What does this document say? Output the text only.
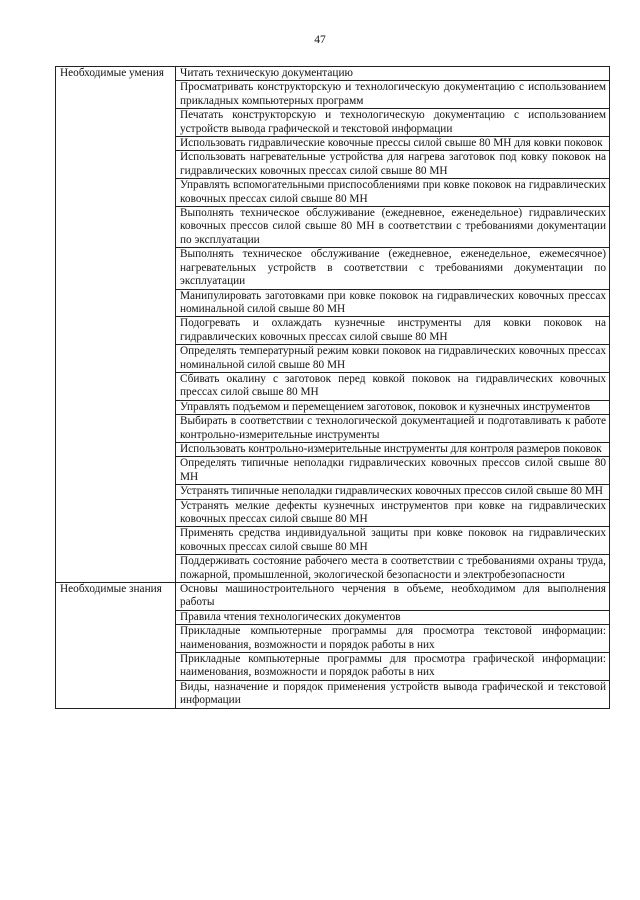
47
Необходимые умения	Читать техническую документацию
	Просматривать конструкторскую и технологическую документацию с использованием прикладных компьютерных программ
	Печатать конструкторскую и технологическую документацию с использованием устройств вывода графической и текстовой информации
	Использовать гидравлические ковочные прессы силой свыше 80 МН для ковки поковок
	Использовать нагревательные устройства для нагрева заготовок под ковку поковок на гидравлических ковочных прессах силой свыше 80 МН
	Управлять вспомогательными приспособлениями при ковке поковок на гидравлических ковочных прессах силой свыше 80 МН
	Выполнять техническое обслуживание (ежедневное, еженедельное) гидравлических ковочных прессов силой свыше 80 МН в соответствии с требованиями документации по эксплуатации
	Выполнять техническое обслуживание (ежедневное, еженедельное, ежемесячное) нагревательных устройств в соответствии с требованиями документации по эксплуатации
	Манипулировать заготовками при ковке поковок на гидравлических ковочных прессах номинальной силой свыше 80 МН
	Подогревать и охлаждать кузнечные инструменты для ковки поковок на гидравлических ковочных прессах силой свыше 80 МН
	Определять температурный режим ковки поковок на гидравлических ковочных прессах номинальной силой свыше 80 МН
	Сбивать окалину с заготовок перед ковкой поковок на гидравлических ковочных прессах силой свыше 80 МН
	Управлять подъемом и перемещением заготовок, поковок и кузнечных инструментов
	Выбирать в соответствии с технологической документацией и подготавливать к работе контрольно-измерительные инструменты
	Использовать контрольно-измерительные инструменты для контроля размеров поковок
	Определять типичные неполадки гидравлических ковочных прессов силой свыше 80 МН
	Устранять типичные неполадки гидравлических ковочных прессов силой свыше 80 МН
	Устранять мелкие дефекты кузнечных инструментов при ковке на гидравлических ковочных прессах силой свыше 80 МН
	Применять средства индивидуальной защиты при ковке поковок на гидравлических ковочных прессах силой свыше 80 МН
	Поддерживать состояние рабочего места в соответствии с требованиями охраны труда, пожарной, промышленной, экологической безопасности и электробезопасности
Необходимые знания	Основы машиностроительного черчения в объеме, необходимом для выполнения работы
	Правила чтения технологических документов
	Прикладные компьютерные программы для просмотра текстовой информации: наименования, возможности и порядок работы в них
	Прикладные компьютерные программы для просмотра графической информации: наименования, возможности и порядок работы в них
	Виды, назначение и порядок применения устройств вывода графической и текстовой информации
